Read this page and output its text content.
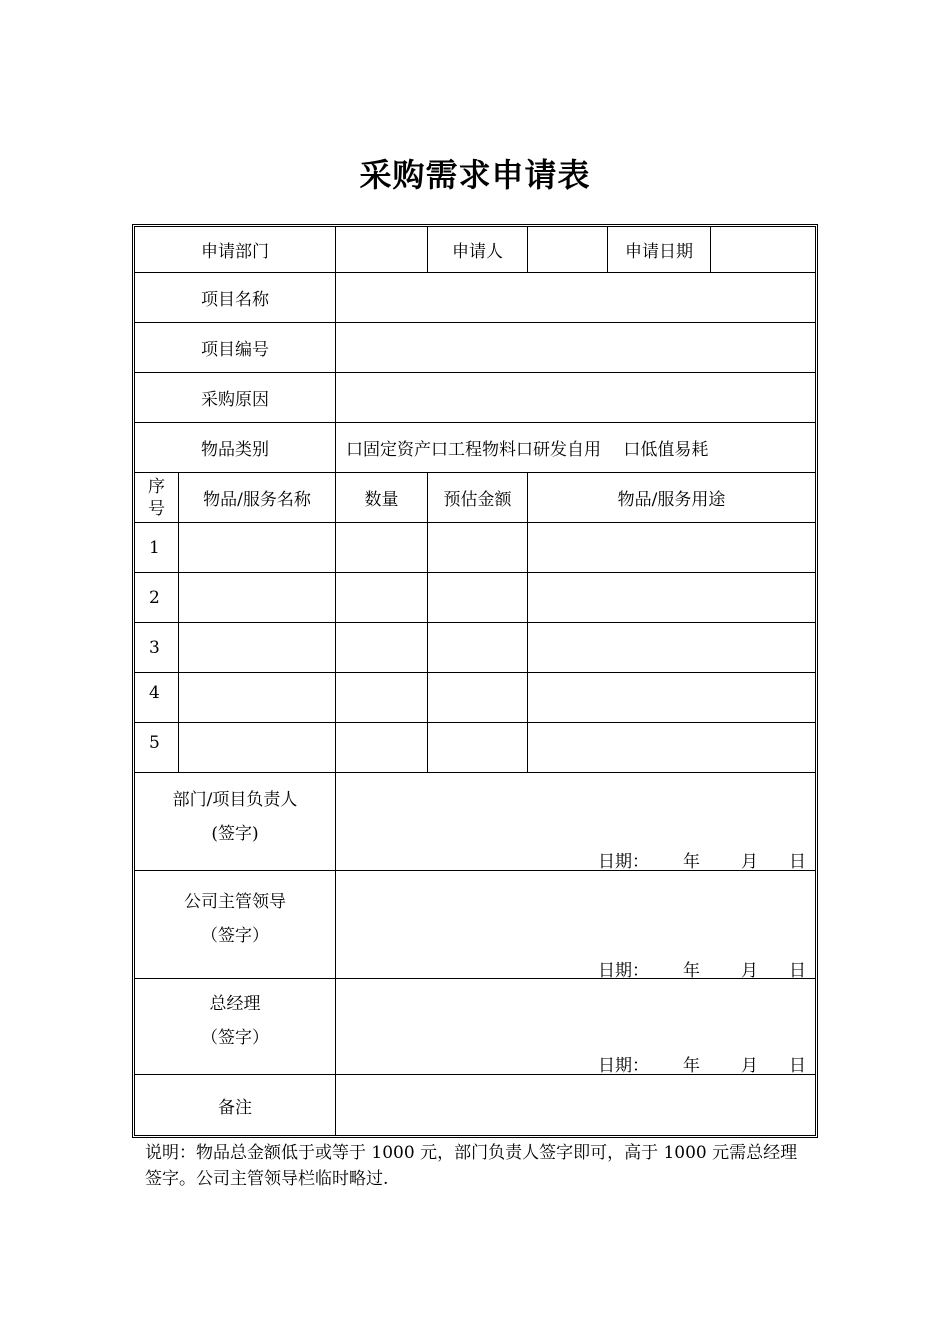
采购需求申请表
申请部门	申请人	申请日期
项目名称
项目编号
采购原因
物品类别	口固定资产口工程物料口研发自用　 口低值易耗
序号	物品/服务名称	数量	预估金额	物品/服务用途
1
2
3
4
5
部门/项目负责人
(签字)
日期： 年 月 日
公司主管领导
（签字）
日期： 年 月 日
总经理
（签字）
日期： 年 月 日
备注
说明：物品总金额低于或等于 1000 元，部门负责人签字即可，高于 1000 元需总经理签字。公司主管领导栏临时略过.
